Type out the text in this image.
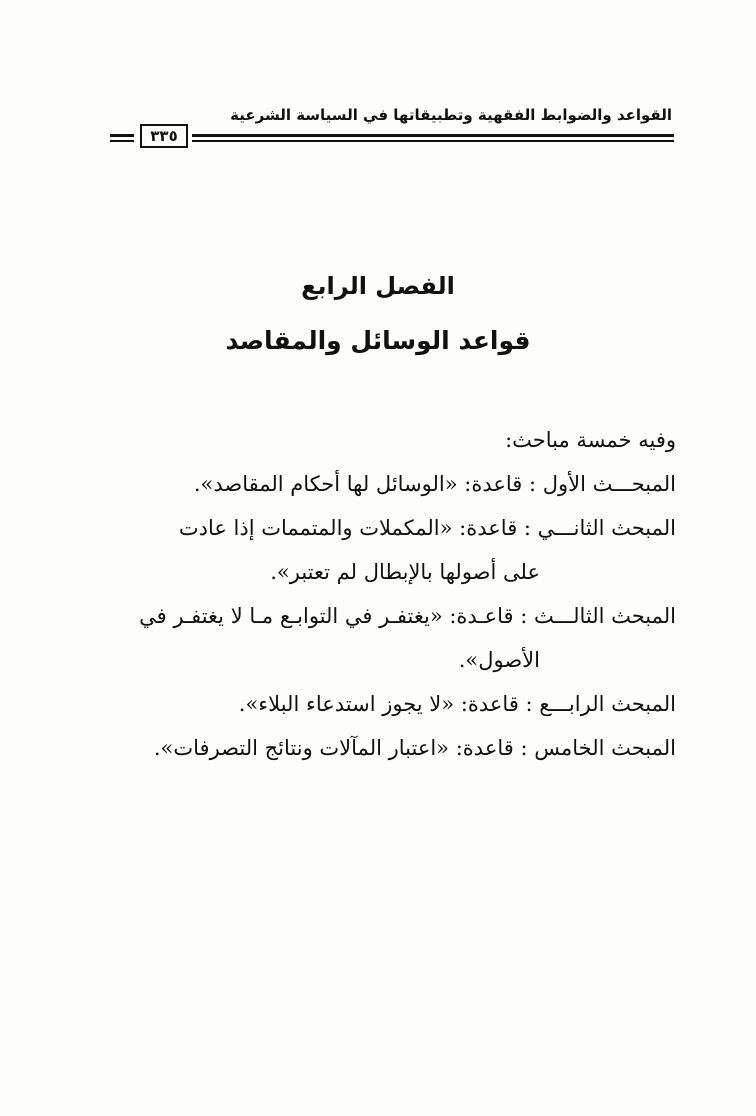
القواعد والضوابط الفقهية وتطبيقاتها في السياسة الشرعية
٣٣٥
الفصل الرابع
قواعد الوسائل والمقاصد
وفيه خمسة مباحث:
المبحـــث الأول : قاعدة: «الوسائل لها أحكام المقاصد».
المبحث الثانـــي : قاعدة: «المكملات والمتممات إذا عادت
على أصولها بالإبطال لم تعتبر».
المبحث الثالـــث : قاعـدة: «يغتفـر في التوابـع مـا لا يغتفـر في
الأصول».
المبحث الرابـــع : قاعدة: «لا يجوز استدعاء البلاء».
المبحث الخامس : قاعدة: «اعتبار المآلات ونتائج التصرفات».
